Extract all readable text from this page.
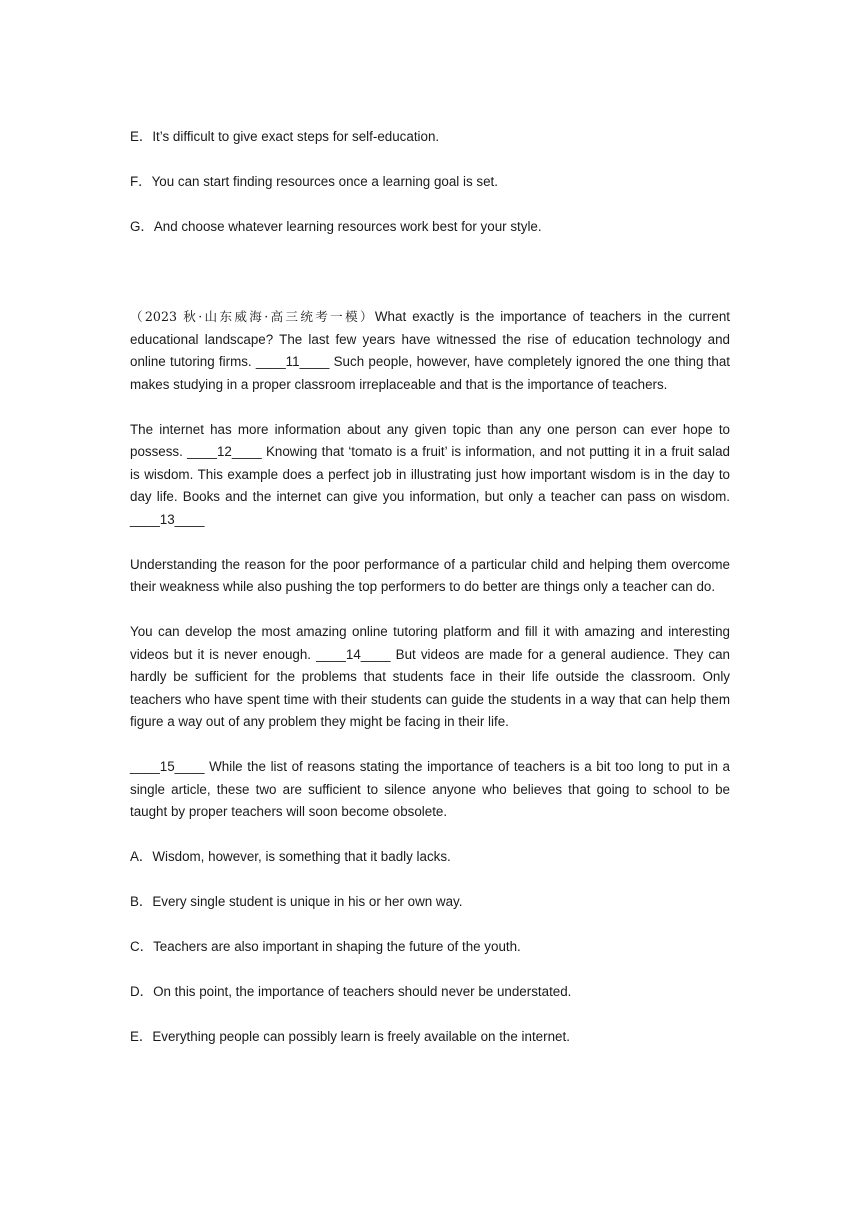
E．It’s difficult to give exact steps for self-education.

F．You can start finding resources once a learning goal is set.

G．And choose whatever learning resources work best for your style.

（2023 秋·山东威海·高三统考一模）What exactly is the importance of teachers in the current educational landscape? The last few years have witnessed the rise of education technology and online tutoring firms. ____11____ Such people, however, have completely ignored the one thing that makes studying in a proper classroom irreplaceable and that is the importance of teachers.

The internet has more information about any given topic than any one person can ever hope to possess. ____12____ Knowing that ‘tomato is a fruit’ is information, and not putting it in a fruit salad is wisdom. This example does a perfect job in illustrating just how important wisdom is in the day to day life. Books and the internet can give you information, but only a teacher can pass on wisdom. ____13____

Understanding the reason for the poor performance of a particular child and helping them overcome their weakness while also pushing the top performers to do better are things only a teacher can do.

You can develop the most amazing online tutoring platform and fill it with amazing and interesting videos but it is never enough. ____14____ But videos are made for a general audience. They can hardly be sufficient for the problems that students face in their life outside the classroom. Only teachers who have spent time with their students can guide the students in a way that can help them figure a way out of any problem they might be facing in their life.

____15____ While the list of reasons stating the importance of teachers is a bit too long to put in a single article, these two are sufficient to silence anyone who believes that going to school to be taught by proper teachers will soon become obsolete.

A．Wisdom, however, is something that it badly lacks.

B．Every single student is unique in his or her own way.

C．Teachers are also important in shaping the future of the youth.

D．On this point, the importance of teachers should never be understated.

E．Everything people can possibly learn is freely available on the internet.
